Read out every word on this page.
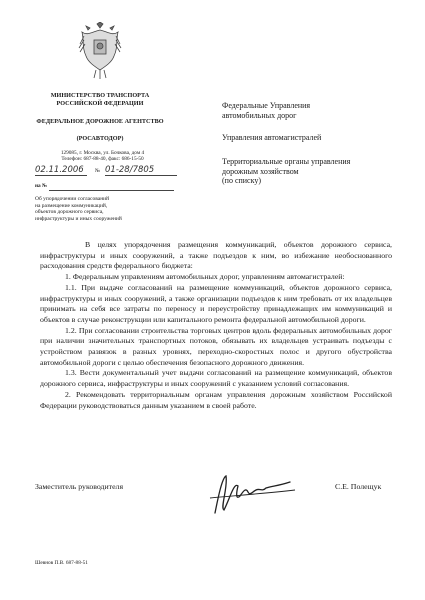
МИНИСТЕРСТВО ТРАНСПОРТА
РОССИЙСКОЙ ФЕДЕРАЦИИ
ФЕДЕРАЛЬНОЕ ДОРОЖНОЕ АГЕНТСТВО
(РОСАВТОДОР)
129085, г. Москва, ул. Бочкова, дом 4
Телефон: 687-88-40, факс: 686-15-50
02.11.2006	№ 01-28/7805
на №
Об упорядочении согласований
на размещение коммуникаций,
объектов дорожного сервиса,
инфраструктуры и иных сооружений
Федеральные Управления
автомобильных дорог
Управления автомагистралей
Территориальные органы управления
дорожным хозяйством
(по списку)

В целях упорядочения размещения коммуникаций, объектов дорожного сервиса, инфраструктуры и иных сооружений, а также подъездов к ним, во избежание необоснованного расходования средств федерального бюджета:

1. Федеральным управлениям автомобильных дорог, управлениям автомагистралей:

1.1. При выдаче согласований на размещение коммуникаций, объектов дорожного сервиса, инфраструктуры и иных сооружений, а также организации подъездов к ним требовать от их владельцев принимать на себя все затраты по переносу и переустройству принадлежащих им коммуникаций и объектов в случае реконструкции или капитального ремонта федеральной автомобильной дороги.

1.2. При согласовании строительства торговых центров вдоль федеральных автомобильных дорог при наличии значительных транспортных потоков, обязывать их владельцев устраивать подъезды с устройством развязок в разных уровнях, переходно-скоростных полос и другого обустройства автомобильной дороги с целью обеспечения безопасного дорожного движения.

1.3. Вести документальный учет выдачи согласований на размещение коммуникаций, объектов дорожного сервиса, инфраструктуры и иных сооружений с указанием условий согласования.

2. Рекомендовать территориальным органам управления дорожным хозяйством Российской Федерации руководствоваться данным указанием в своей работе.

Заместитель руководителя	С.Е. Полещук
Шевнов П.В. 687-88-51
